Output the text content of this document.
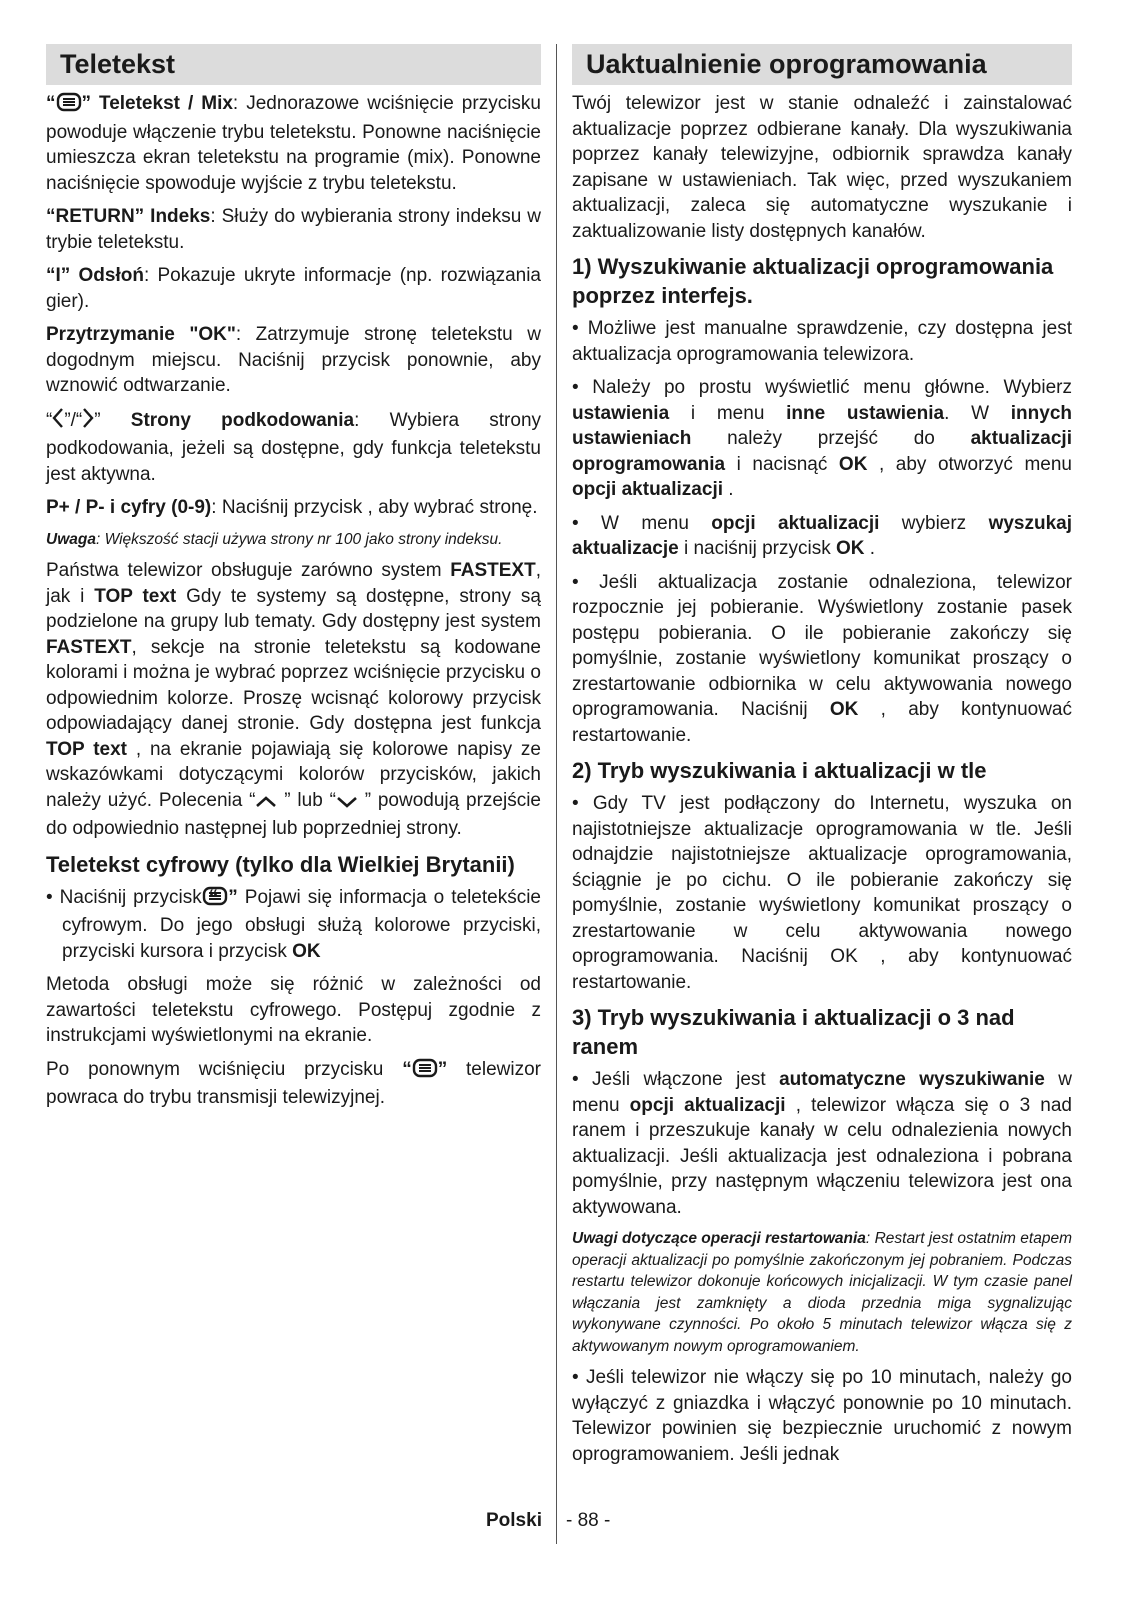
Teletekst

“ ” Teletekst / Mix: Jednorazowe wciśnięcie przycisku powoduje włączenie trybu teletekstu. Ponowne naciśnięcie umieszcza ekran teletekstu na programie (mix). Ponowne naciśnięcie spowoduje wyjście z trybu teletekstu.

“RETURN” Indeks: Służy do wybierania strony indeksu w trybie teletekstu.

“I” Odsłoń: Pokazuje ukryte informacje (np. rozwiązania gier).

Przytrzymanie "OK": Zatrzymuje stronę teletekstu w dogodnym miejscu. Naciśnij przycisk ponownie, aby wznowić odtwarzanie.

“ ”/“ ” Strony podkodowania: Wybiera strony podkodowania, jeżeli są dostępne, gdy funkcja teletekstu jest aktywna.

P+ / P- i cyfry (0-9): Naciśnij przycisk , aby wybrać stronę.

Uwaga: Większość stacji używa strony nr 100 jako strony indeksu.

Państwa telewizor obsługuje zarówno system FASTEXT, jak i TOP text Gdy te systemy są dostępne, strony są podzielone na grupy lub tematy. Gdy dostępny jest system FASTEXT, sekcje na stronie teletekstu są kodowane kolorami i można je wybrać poprzez wciśnięcie przycisku o odpowiednim kolorze. Proszę wcisnąć kolorowy przycisk odpowiadający danej stronie. Gdy dostępna jest funkcja TOP text , na ekranie pojawiają się kolorowe napisy ze wskazówkami dotyczącymi kolorów przycisków, jakich należy użyć. Polecenia “ ” lub “ ” powodują przejście do odpowiednio następnej lub poprzedniej strony.

Teletekst cyfrowy (tylko dla Wielkiej Brytanii)

• Naciśnij przycisk “ ” Pojawi się informacja o teletekście cyfrowym. Do jego obsługi służą kolorowe przyciski, przyciski kursora i przycisk OK

Metoda obsługi może się różnić w zależności od zawartości teletekstu cyfrowego. Postępuj zgodnie z instrukcjami wyświetlonymi na ekranie.

Po ponownym wciśnięciu przycisku “ ” telewizor powraca do trybu transmisji telewizyjnej.

Uaktualnienie oprogramowania

Twój telewizor jest w stanie odnaleźć i zainstalować aktualizacje poprzez odbierane kanały. Dla wyszukiwania poprzez kanały telewizyjne, odbiornik sprawdza kanały zapisane w ustawieniach. Tak więc, przed wyszukaniem aktualizacji, zaleca się automatyczne wyszukanie i zaktualizowanie listy dostępnych kanałów.

1) Wyszukiwanie aktualizacji oprogramowania poprzez interfejs.

• Możliwe jest manualne sprawdzenie, czy dostępna jest aktualizacja oprogramowania telewizora.

• Należy po prostu wyświetlić menu główne. Wybierz ustawienia i menu inne ustawienia. W innych ustawieniach należy przejść do aktualizacji oprogramowania i nacisnąć OK , aby otworzyć menu opcji aktualizacji .

• W menu opcji aktualizacji wybierz wyszukaj aktualizacje i naciśnij przycisk OK .

• Jeśli aktualizacja zostanie odnaleziona, telewizor rozpocznie jej pobieranie. Wyświetlony zostanie pasek postępu pobierania. O ile pobieranie zakończy się pomyślnie, zostanie wyświetlony komunikat proszący o zrestartowanie odbiornika w celu aktywowania nowego oprogramowania. Naciśnij OK , aby kontynuować restartowanie.

2) Tryb wyszukiwania i aktualizacji w tle

• Gdy TV jest podłączony do Internetu, wyszuka on najistotniejsze aktualizacje oprogramowania w tle. Jeśli odnajdzie najistotniejsze aktualizacje oprogramowania, ściągnie je po cichu. O ile pobieranie zakończy się pomyślnie, zostanie wyświetlony komunikat proszący o zrestartowanie w celu aktywowania nowego oprogramowania. Naciśnij OK , aby kontynuować restartowanie.

3) Tryb wyszukiwania i aktualizacji o 3 nad ranem

• Jeśli włączone jest automatyczne wyszukiwanie w menu opcji aktualizacji , telewizor włącza się o 3 nad ranem i przeszukuje kanały w celu odnalezienia nowych aktualizacji. Jeśli aktualizacja jest odnaleziona i pobrana pomyślnie, przy następnym włączeniu telewizora jest ona aktywowana.

Uwagi dotyczące operacji restartowania: Restart jest ostatnim etapem operacji aktualizacji po pomyślnie zakończonym jej pobraniem. Podczas restartu telewizor dokonuje końcowych inicjalizacji. W tym czasie panel włączania jest zamknięty a dioda przednia miga sygnalizując wykonywane czynności. Po około 5 minutach telewizor włącza się z aktywowanym nowym oprogramowaniem.

• Jeśli telewizor nie włączy się po 10 minutach, należy go wyłączyć z gniazdka i włączyć ponownie po 10 minutach. Telewizor powinien się bezpiecznie uruchomić z nowym oprogramowaniem. Jeśli jednak

Polski - 88 -
